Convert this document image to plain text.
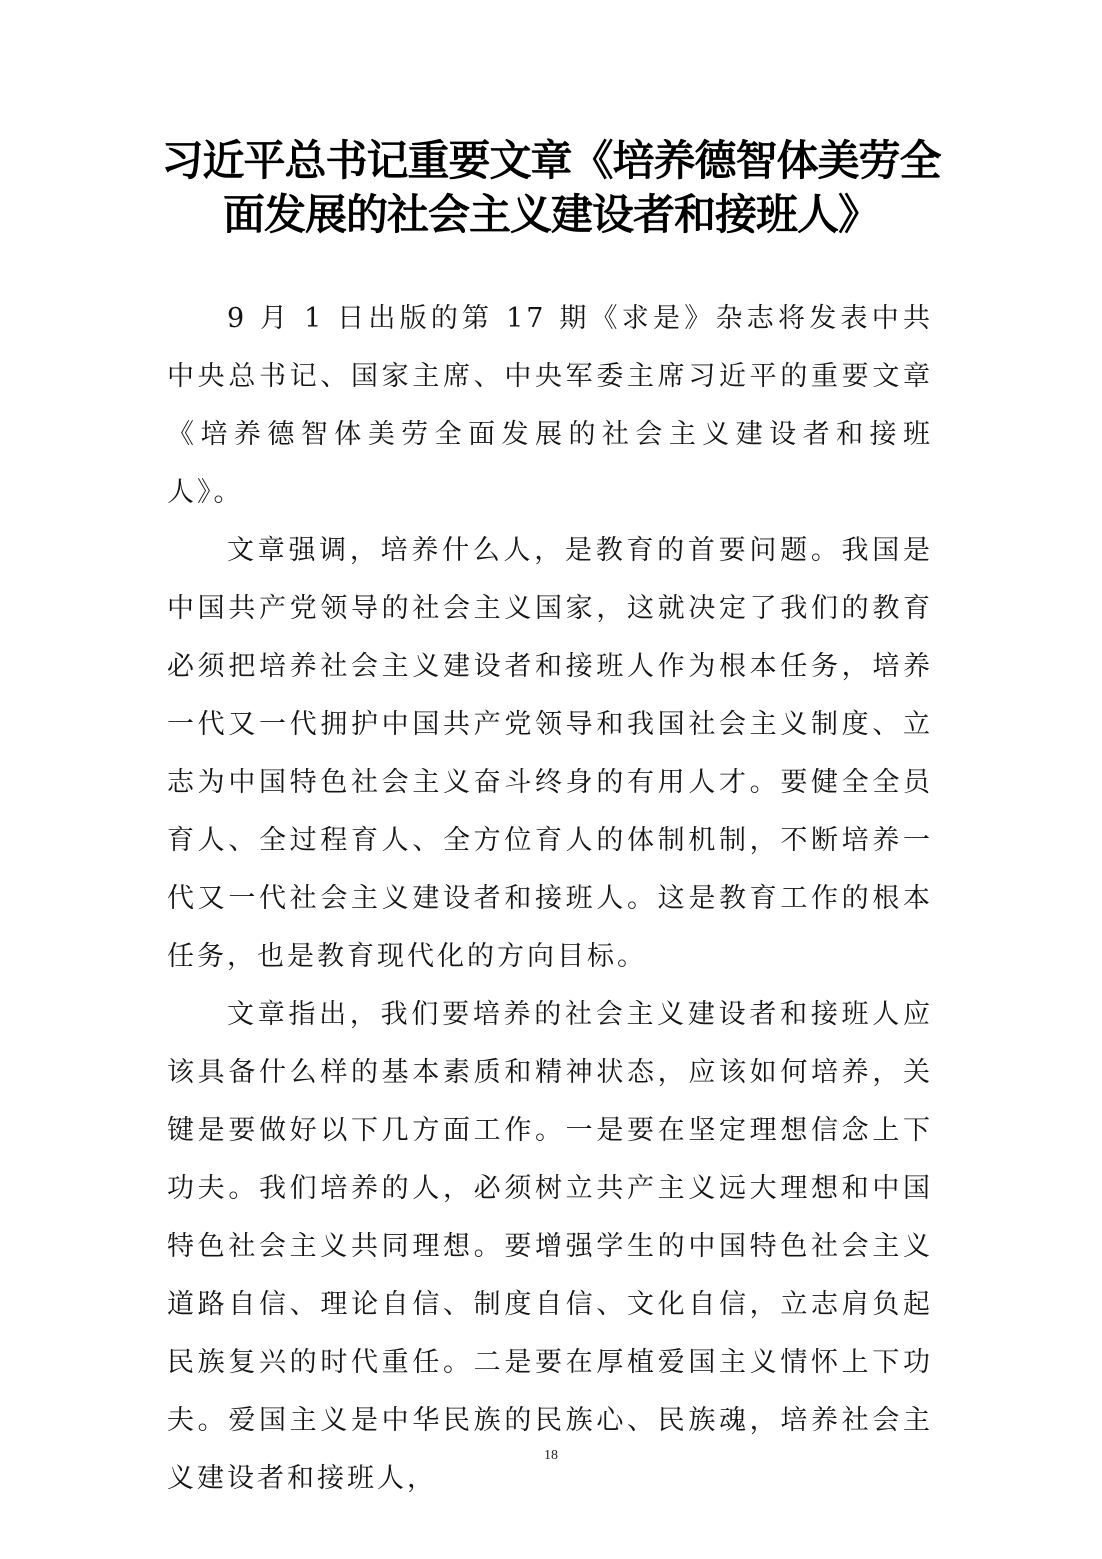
习近平总书记重要文章《培养德智体美劳全
面发展的社会主义建设者和接班人》

9 月 1 日出版的第 17 期《求是》杂志将发表中共中央总书记、国家主席、中央军委主席习近平的重要文章《培养德智体美劳全面发展的社会主义建设者和接班人》。

文章强调，培养什么人，是教育的首要问题。我国是中国共产党领导的社会主义国家，这就决定了我们的教育必须把培养社会主义建设者和接班人作为根本任务，培养一代又一代拥护中国共产党领导和我国社会主义制度、立志为中国特色社会主义奋斗终身的有用人才。要健全全员育人、全过程育人、全方位育人的体制机制，不断培养一代又一代社会主义建设者和接班人。这是教育工作的根本任务，也是教育现代化的方向目标。

文章指出，我们要培养的社会主义建设者和接班人应该具备什么样的基本素质和精神状态，应该如何培养，关键是要做好以下几方面工作。一是要在坚定理想信念上下功夫。我们培养的人，必须树立共产主义远大理想和中国特色社会主义共同理想。要增强学生的中国特色社会主义道路自信、理论自信、制度自信、文化自信，立志肩负起民族复兴的时代重任。二是要在厚植爱国主义情怀上下功夫。爱国主义是中华民族的民族心、民族魂，培养社会主义建设者和接班人，

18
